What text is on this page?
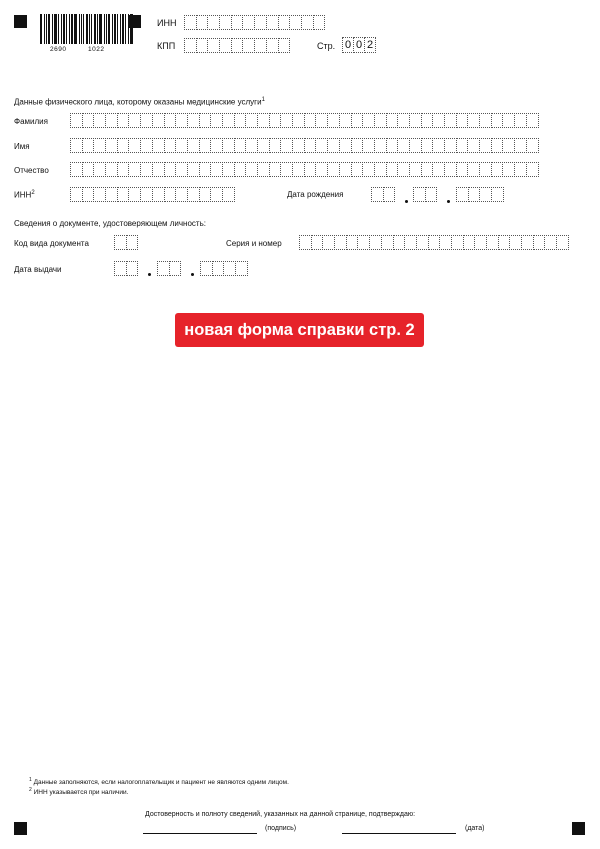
2690	1022
ИНН
КПП	Стр. 0 0 2
Данные физического лица, которому оказаны медицинские услуги$^1$
Фамилия
Имя
Отчество
ИНН$^2$	Дата рождения
Сведения о документе, удостоверяющем личность:
Код вида документа	Серия и номер
Дата выдачи
новая форма справки стр. 2
$^1$ Данные заполняются, если налогоплательщик и пациент не являются одним лицом.
$^2$ ИНН указывается при наличии.
Достоверность и полноту сведений, указанных на данной странице, подтверждаю:
(подпись)	(дата)
